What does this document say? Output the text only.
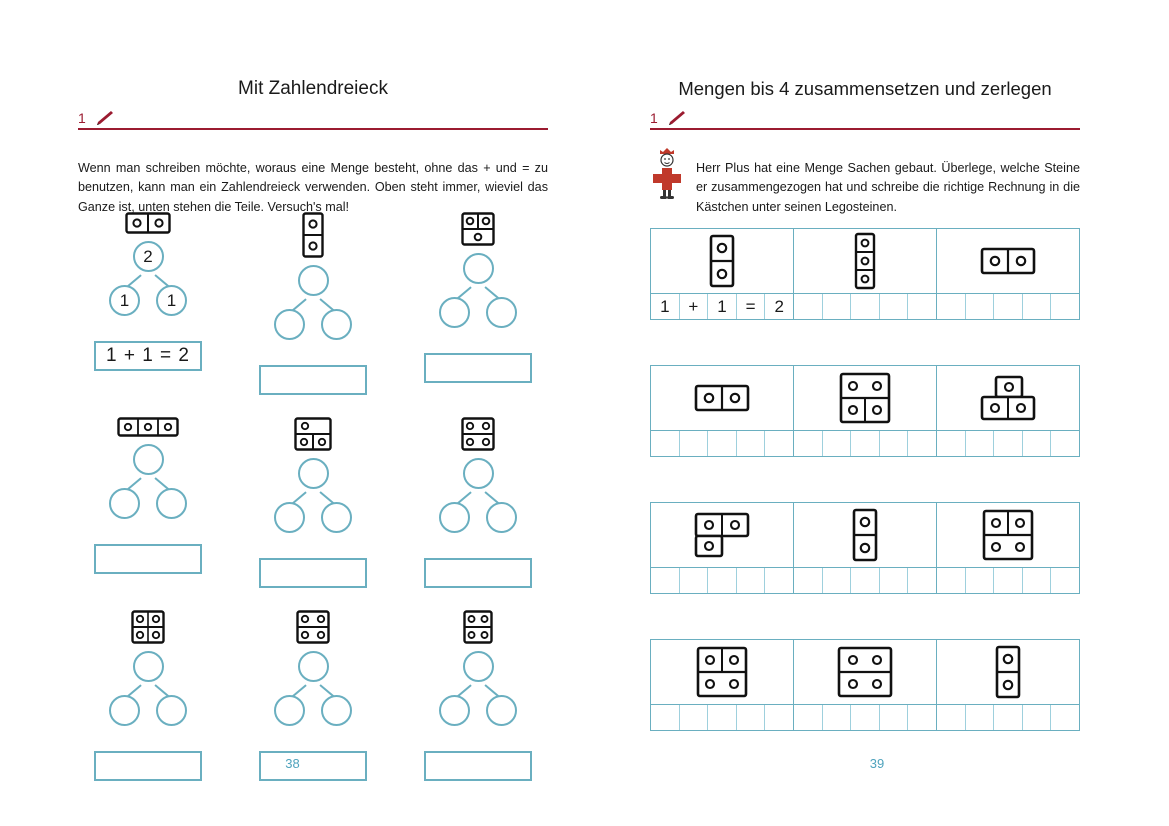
Mit Zahlendreieck
1

Wenn man schreiben möchte, woraus eine Menge besteht, ohne das + und = zu benutzen, kann man ein Zahlendreieck verwenden. Oben steht immer, wieviel das Ganze ist, unten stehen die Teile. Versuch's mal!

2
1	1
1 + 1 = 2
38
Mengen bis 4 zusammensetzen und zerlegen
1

Herr Plus hat eine Menge Sachen gebaut. Überlege, welche Steine er zusammengezogen hat und schreibe die richtige Rechnung in die Kästchen unter seinen Legosteinen.

1	+	1	=	2
39
